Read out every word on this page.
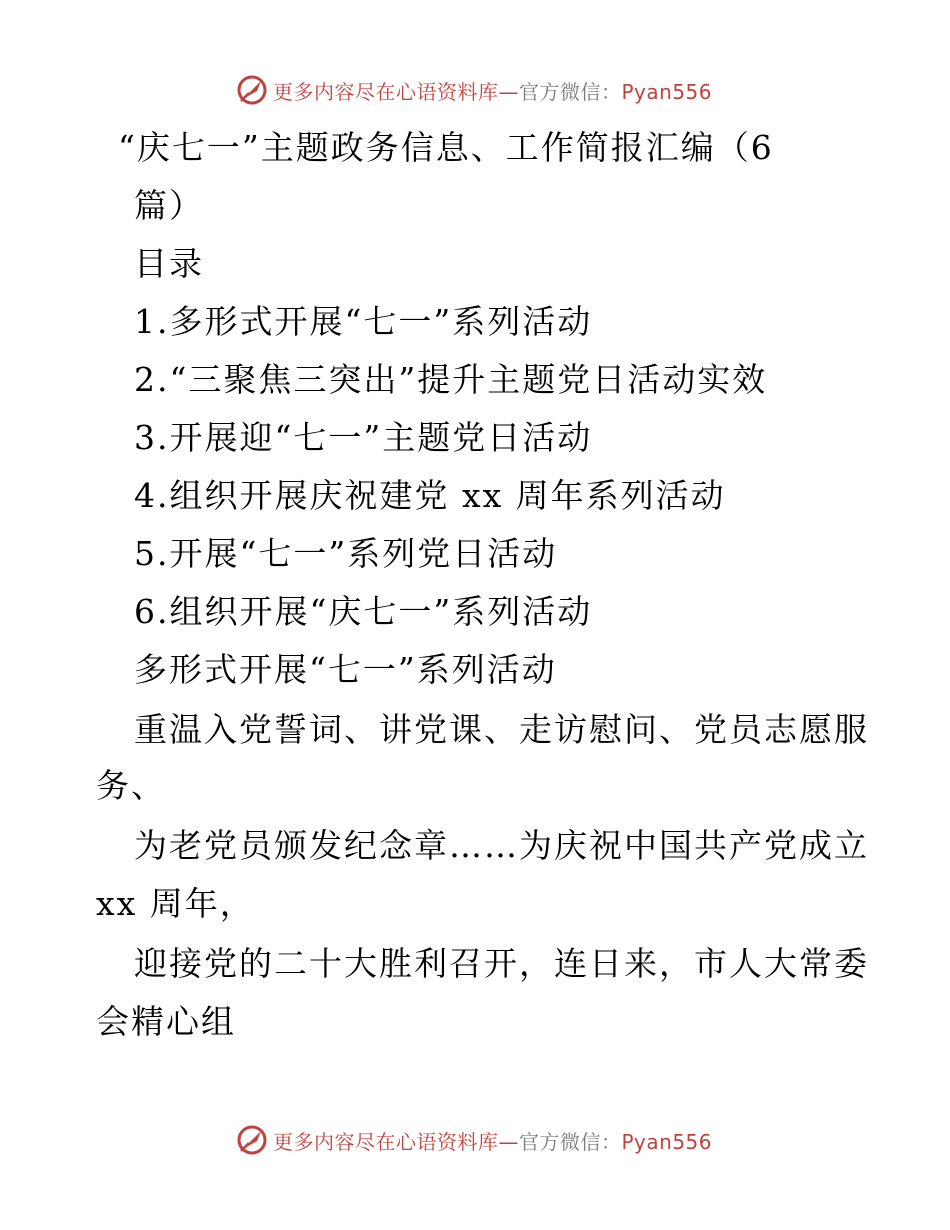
更多内容尽在心语资料库—官方微信：Pyan556
“庆七一”主题政务信息、工作简报汇编（6
篇）
目录
1.多形式开展“七一”系列活动
2.“三聚焦三突出”提升主题党日活动实效
3.开展迎“七一”主题党日活动
4.组织开展庆祝建党 xx 周年系列活动
5.开展“七一”系列党日活动
6.组织开展“庆七一”系列活动
多形式开展“七一”系列活动
重温入党誓词、讲党课、走访慰问、党员志愿服
务、
为老党员颁发纪念章……为庆祝中国共产党成立
xx 周年，
迎接党的二十大胜利召开，连日来，市人大常委
会精心组
更多内容尽在心语资料库—官方微信：Pyan556
